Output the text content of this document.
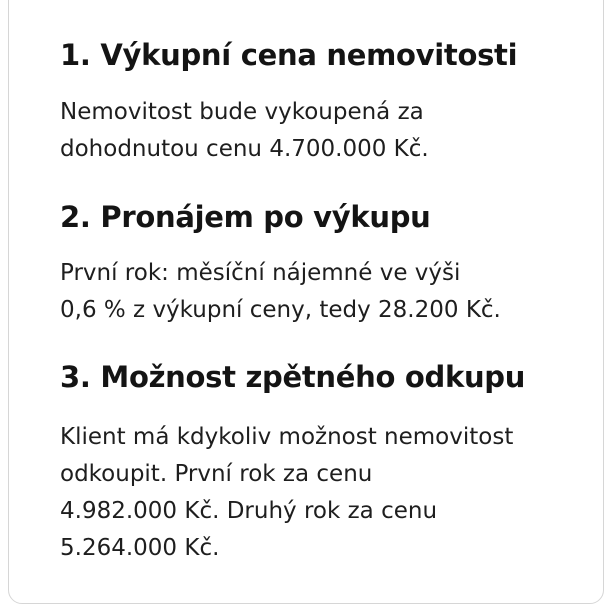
1. Výkupní cena nemovitosti

Nemovitost bude vykoupená za
dohodnutou cenu 4.700.000 Kč.

2. Pronájem po výkupu

První rok: měsíční nájemné ve výši
0,6 % z výkupní ceny, tedy 28.200 Kč.

3. Možnost zpětného odkupu

Klient má kdykoliv možnost nemovitost
odkoupit. První rok za cenu
4.982.000 Kč. Druhý rok za cenu
5.264.000 Kč.
